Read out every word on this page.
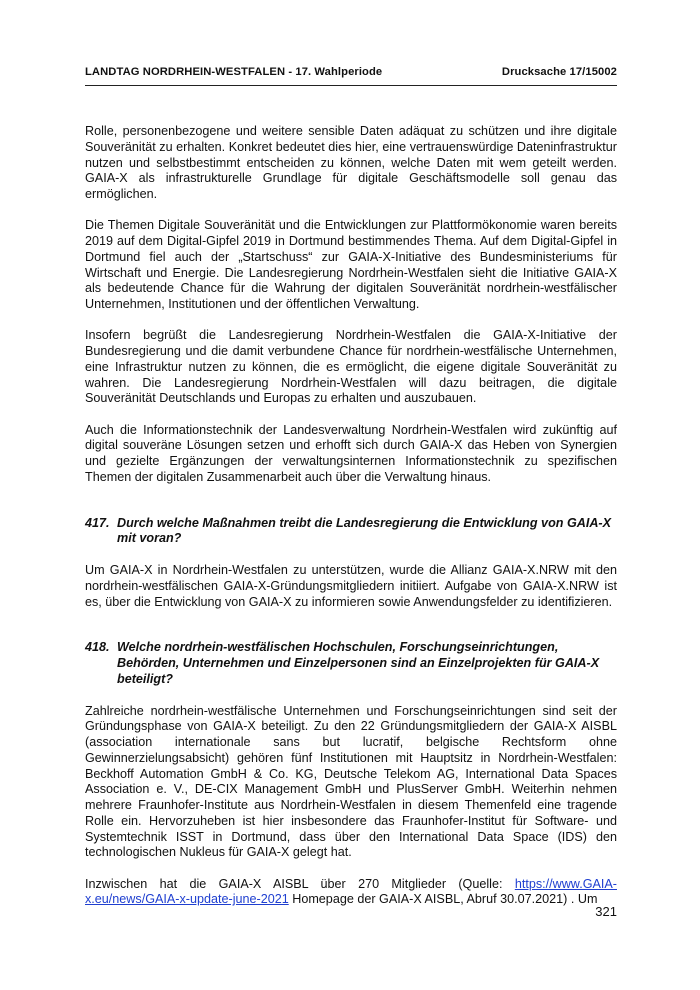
LANDTAG NORDRHEIN-WESTFALEN - 17. Wahlperiode	Drucksache 17/15002

Rolle, personenbezogene und weitere sensible Daten adäquat zu schützen und ihre digitale Souveränität zu erhalten. Konkret bedeutet dies hier, eine vertrauenswürdige Dateninfrastruktur nutzen und selbstbestimmt entscheiden zu können, welche Daten mit wem geteilt werden. GAIA-X als infrastrukturelle Grundlage für digitale Geschäftsmodelle soll genau das ermöglichen.

Die Themen Digitale Souveränität und die Entwicklungen zur Plattformökonomie waren bereits 2019 auf dem Digital-Gipfel 2019 in Dortmund bestimmendes Thema. Auf dem Digital-Gipfel in Dortmund fiel auch der „Startschuss“ zur GAIA-X-Initiative des Bundesministeriums für Wirtschaft und Energie. Die Landesregierung Nordrhein-Westfalen sieht die Initiative GAIA-X als bedeutende Chance für die Wahrung der digitalen Souveränität nordrhein-westfälischer Unternehmen, Institutionen und der öffentlichen Verwaltung.

Insofern begrüßt die Landesregierung Nordrhein-Westfalen die GAIA-X-Initiative der Bundesregierung und die damit verbundene Chance für nordrhein-westfälische Unternehmen, eine Infrastruktur nutzen zu können, die es ermöglicht, die eigene digitale Souveränität zu wahren. Die Landesregierung Nordrhein-Westfalen will dazu beitragen, die digitale Souveränität Deutschlands und Europas zu erhalten und auszubauen.

Auch die Informationstechnik der Landesverwaltung Nordrhein-Westfalen wird zukünftig auf digital souveräne Lösungen setzen und erhofft sich durch GAIA-X das Heben von Synergien und gezielte Ergänzungen der verwaltungsinternen Informationstechnik zu spezifischen Themen der digitalen Zusammenarbeit auch über die Verwaltung hinaus.

417. Durch welche Maßnahmen treibt die Landesregierung die Entwicklung von GAIA-X mit voran?

Um GAIA-X in Nordrhein-Westfalen zu unterstützen, wurde die Allianz GAIA-X.NRW mit den nordrhein-westfälischen GAIA-X-Gründungsmitgliedern initiiert. Aufgabe von GAIA-X.NRW ist es, über die Entwicklung von GAIA-X zu informieren sowie Anwendungsfelder zu identifizieren.

418. Welche nordrhein-westfälischen Hochschulen, Forschungseinrichtungen, Behörden, Unternehmen und Einzelpersonen sind an Einzelprojekten für GAIA-X beteiligt?

Zahlreiche nordrhein-westfälische Unternehmen und Forschungseinrichtungen sind seit der Gründungsphase von GAIA-X beteiligt. Zu den 22 Gründungsmitgliedern der GAIA-X AISBL (association internationale sans but lucratif, belgische Rechtsform ohne Gewinnerzielungsabsicht) gehören fünf Institutionen mit Hauptsitz in Nordrhein-Westfalen: Beckhoff Automation GmbH & Co. KG, Deutsche Telekom AG, International Data Spaces Association e. V., DE-CIX Management GmbH und PlusServer GmbH. Weiterhin nehmen mehrere Fraunhofer-Institute aus Nordrhein-Westfalen in diesem Themenfeld eine tragende Rolle ein. Hervorzuheben ist hier insbesondere das Fraunhofer-Institut für Software- und Systemtechnik ISST in Dortmund, dass über den International Data Space (IDS) den technologischen Nukleus für GAIA-X gelegt hat.

Inzwischen hat die GAIA-X AISBL über 270 Mitglieder (Quelle: https://www.GAIA-x.eu/news/GAIA-x-update-june-2021 Homepage der GAIA-X AISBL, Abruf 30.07.2021) . Um

321
